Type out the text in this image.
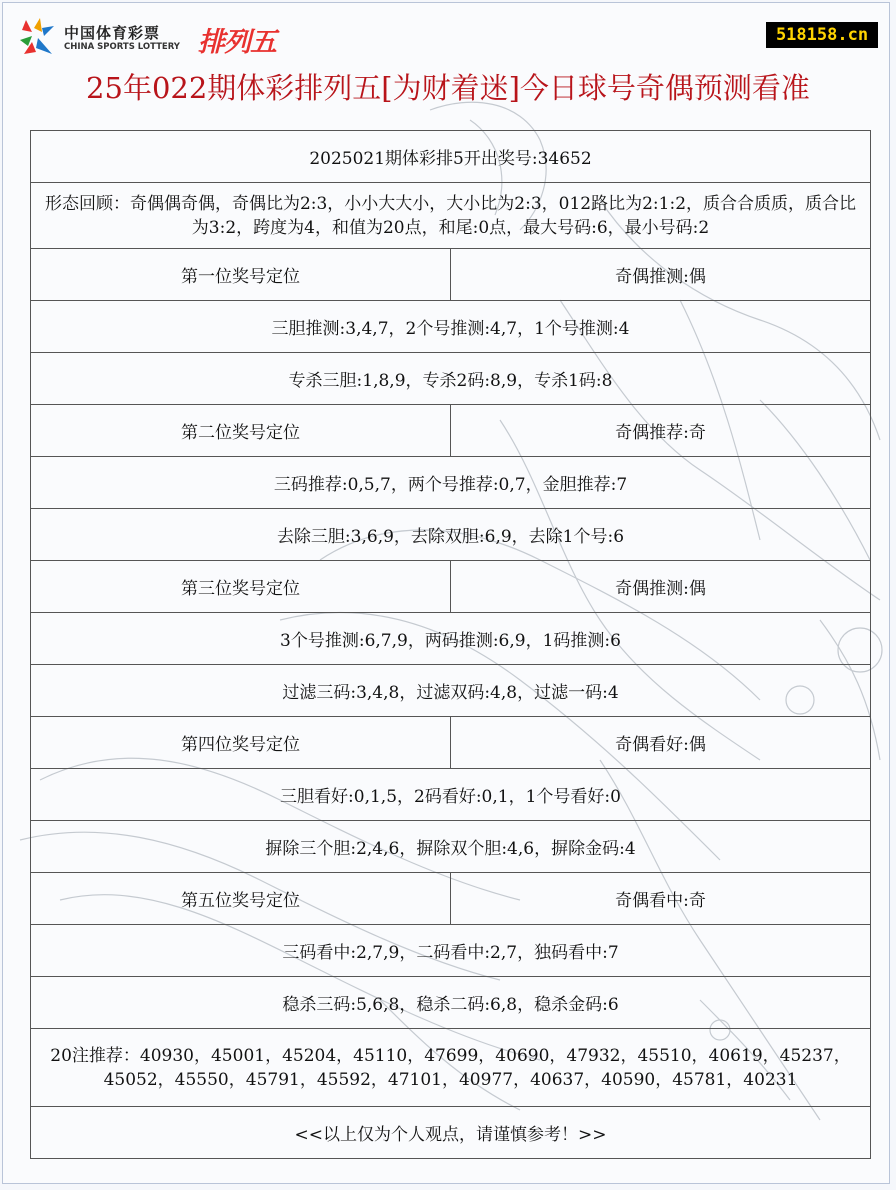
中国体育彩票
CHINA SPORTS LOTTERY 排列五	518158.cn
25年022期体彩排列五[为财着迷]今日球号奇偶预测看准
2025021期体彩排5开出奖号:34652	
形态回顾：奇偶偶奇偶，奇偶比为2:3，小小大大小，大小比为2:3，012路比为2:1:2，质合合质质，质合比为3:2，跨度为4，和值为20点，和尾:0点，最大号码:6，最小号码:2	
第一位奖号定位	奇偶推测:偶
三胆推测:3,4,7，2个号推测:4,7，1个号推测:4	
专杀三胆:1,8,9，专杀2码:8,9，专杀1码:8	
第二位奖号定位	奇偶推荐:奇
三码推荐:0,5,7，两个号推荐:0,7，金胆推荐:7	
去除三胆:3,6,9，去除双胆:6,9，去除1个号:6	
第三位奖号定位	奇偶推测:偶
3个号推测:6,7,9，两码推测:6,9，1码推测:6	
过滤三码:3,4,8，过滤双码:4,8，过滤一码:4	
第四位奖号定位	奇偶看好:偶
三胆看好:0,1,5，2码看好:0,1，1个号看好:0	
摒除三个胆:2,4,6，摒除双个胆:4,6，摒除金码:4	
第五位奖号定位	奇偶看中:奇
三码看中:2,7,9，二码看中:2,7，独码看中:7	
稳杀三码:5,6,8，稳杀二码:6,8，稳杀金码:6	
20注推荐：40930，45001，45204，45110，47699，40690，47932，45510，40619，45237，45052，45550，45791，45592，47101，40977，40637，40590，45781，40231	
<<以上仅为个人观点，请谨慎参考！>>	
